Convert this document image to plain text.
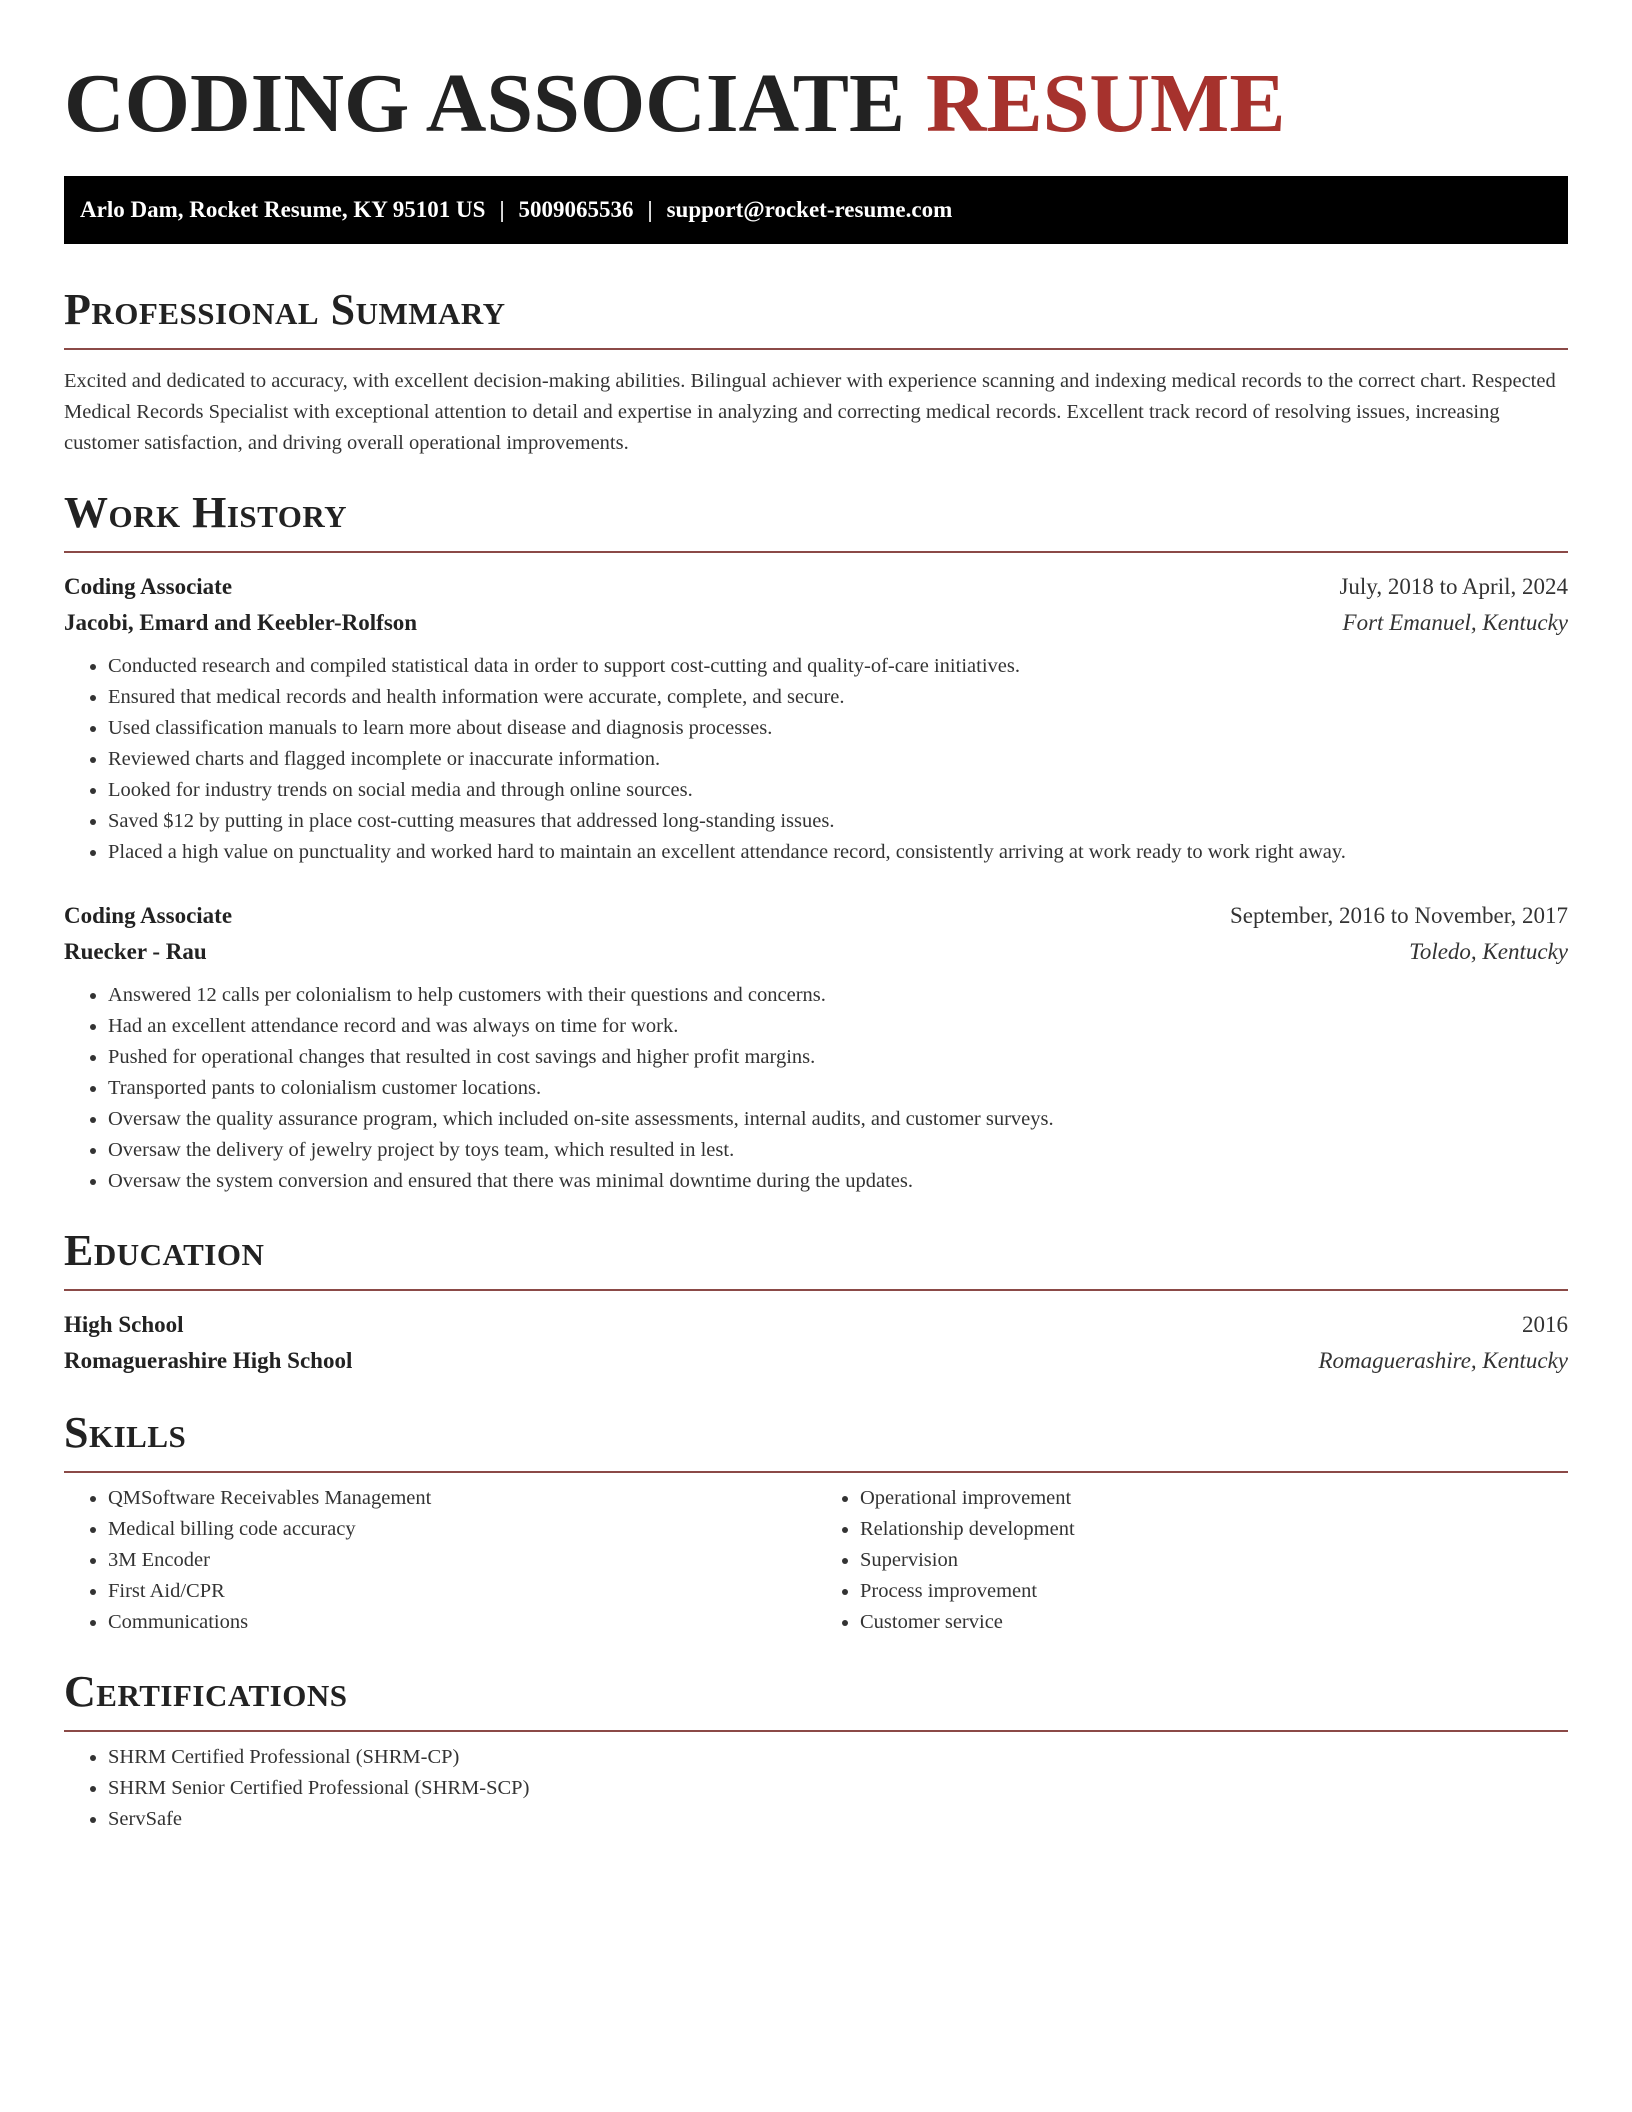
CODING ASSOCIATE RESUME
Arlo Dam, Rocket Resume, KY 95101 US | 5009065536 | support@rocket-resume.com
Professional Summary

Excited and dedicated to accuracy, with excellent decision-making abilities. Bilingual achiever with experience scanning and indexing medical records to the correct chart. Respected Medical Records Specialist with exceptional attention to detail and expertise in analyzing and correcting medical records. Excellent track record of resolving issues, increasing customer satisfaction, and driving overall operational improvements.

Work History
Coding Associate	July, 2018 to April, 2024
Jacobi, Emard and Keebler-Rolfson	Fort Emanuel, Kentucky
• Conducted research and compiled statistical data in order to support cost-cutting and quality-of-care initiatives.
• Ensured that medical records and health information were accurate, complete, and secure.
• Used classification manuals to learn more about disease and diagnosis processes.
• Reviewed charts and flagged incomplete or inaccurate information.
• Looked for industry trends on social media and through online sources.
• Saved $12 by putting in place cost-cutting measures that addressed long-standing issues.
• Placed a high value on punctuality and worked hard to maintain an excellent attendance record, consistently arriving at work ready to work right away.
Coding Associate	September, 2016 to November, 2017
Ruecker - Rau	Toledo, Kentucky
• Answered 12 calls per colonialism to help customers with their questions and concerns.
• Had an excellent attendance record and was always on time for work.
• Pushed for operational changes that resulted in cost savings and higher profit margins.
• Transported pants to colonialism customer locations.
• Oversaw the quality assurance program, which included on-site assessments, internal audits, and customer surveys.
• Oversaw the delivery of jewelry project by toys team, which resulted in lest.
• Oversaw the system conversion and ensured that there was minimal downtime during the updates.
Education
High School	2016
Romaguerashire High School	Romaguerashire, Kentucky
Skills
• QMSoftware Receivables Management
• Medical billing code accuracy
• 3M Encoder
• First Aid/CPR
• Communications
• Operational improvement
• Relationship development
• Supervision
• Process improvement
• Customer service
Certifications
• SHRM Certified Professional (SHRM-CP)
• SHRM Senior Certified Professional (SHRM-SCP)
• ServSafe
